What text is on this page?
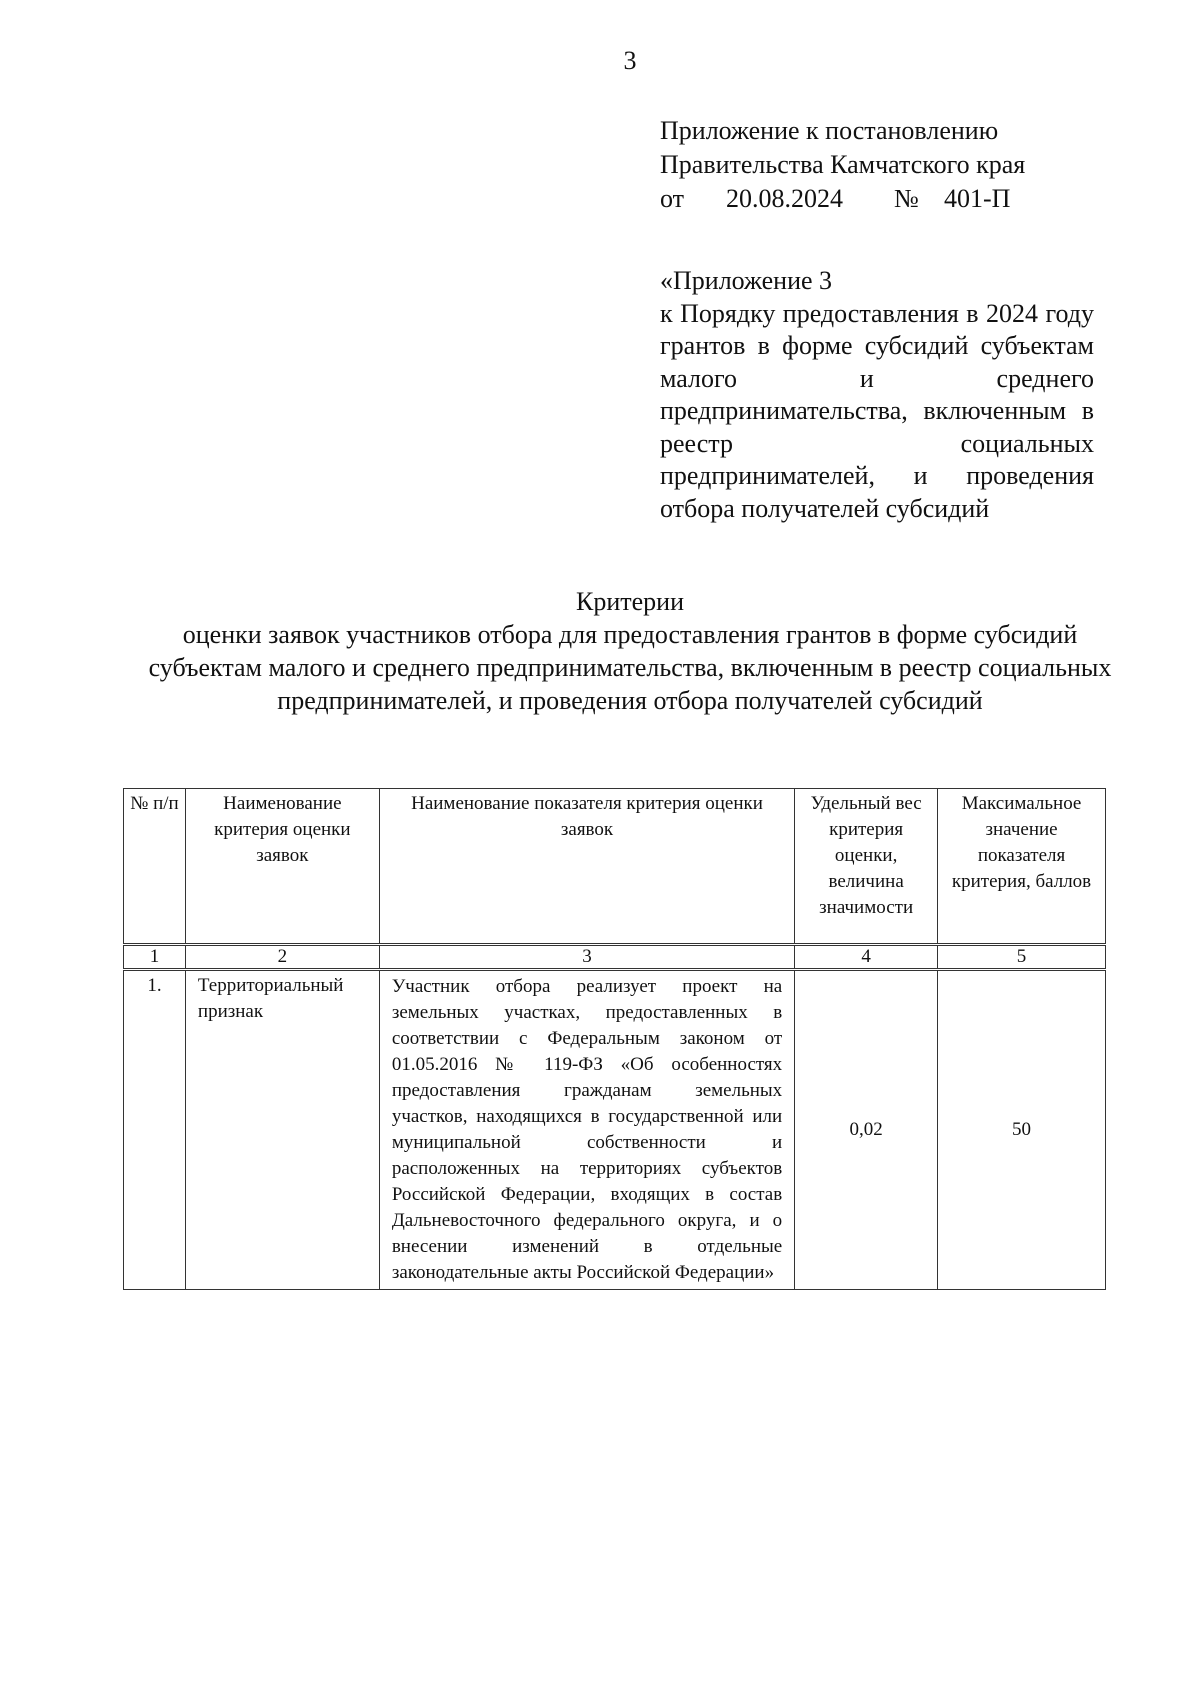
3
Приложение к постановлению
Правительства Камчатского края
от 20.08.2024 № 401-П
«Приложение 3
к Порядку предоставления в 2024 году грантов в форме субсидий субъектам малого и среднего предпринимательства, включенным в реестр социальных предпринимателей, и проведения отбора получателей субсидий
Критерии
оценки заявок участников отбора для предоставления грантов в форме субсидий субъектам малого и среднего предпринимательства, включенным в реестр социальных предпринимателей, и проведения отбора получателей субсидий
№ п/п	Наименование критерия оценки заявок	Наименование показателя критерия оценки заявок	Удельный вес критерия оценки, величина значимости	Максимальное значение показателя критерия, баллов
1	2	3	4	5
1.	Территориальный признак	Участник отбора реализует проект на земельных участках, предоставленных в соответствии с Федеральным законом от 01.05.2016 № 119-ФЗ «Об особенностях предоставления гражданам земельных участков, находящихся в государственной или муниципальной собственности и расположенных на территориях субъектов Российской Федерации, входящих в состав Дальневосточного федерального округа, и о внесении изменений в отдельные законодательные акты Российской Федерации»	0,02	50
